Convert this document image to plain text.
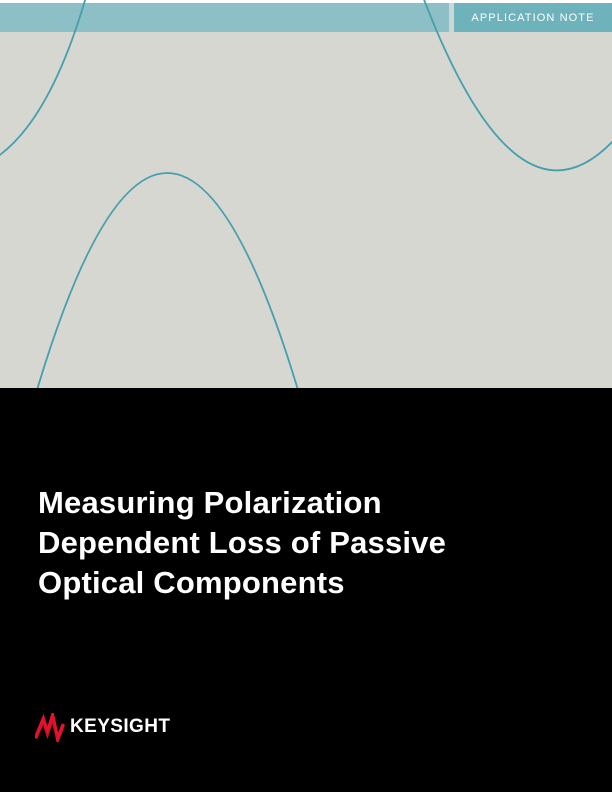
APPLICATION NOTE
Measuring Polarization
Dependent Loss of Passive
Optical Components
KEYSIGHT
